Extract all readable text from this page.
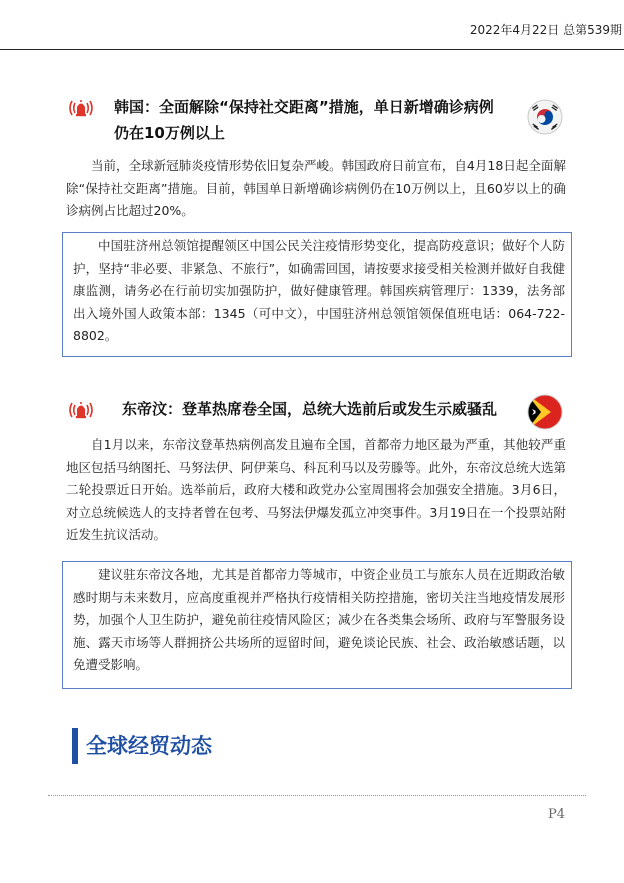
2022年4月22日 总第539期

韩国：全面解除“保持社交距离”措施，单日新增确诊病例仍在10万例以上

当前，全球新冠肺炎疫情形势依旧复杂严峻。韩国政府日前宣布，自4月18日起全面解除“保持社交距离”措施。目前，韩国单日新增确诊病例仍在10万例以上，且60岁以上的确诊病例占比超过20%。

中国驻济州总领馆提醒领区中国公民关注疫情形势变化，提高防疫意识；做好个人防护，坚持“非必要、非紧急、不旅行”，如确需回国，请按要求接受相关检测并做好自我健康监测，请务必在行前切实加强防护，做好健康管理。韩国疾病管理厅：1339，法务部出入境外国人政策本部：1345（可中文），中国驻济州总领馆领保值班电话：064-722-8802。

东帝汶：登革热席卷全国，总统大选前后或发生示威骚乱

自1月以来，东帝汶登革热病例高发且遍布全国，首都帝力地区最为严重，其他较严重地区包括马纳图托、马努法伊、阿伊莱乌、科瓦利马以及劳滕等。此外，东帝汶总统大选第二轮投票近日开始。选举前后，政府大楼和政党办公室周围将会加强安全措施。3月6日，对立总统候选人的支持者曾在包考、马努法伊爆发孤立冲突事件。3月19日在一个投票站附近发生抗议活动。

建议驻东帝汶各地，尤其是首都帝力等城市，中资企业员工与旅东人员在近期政治敏感时期与未来数月，应高度重视并严格执行疫情相关防控措施，密切关注当地疫情发展形势，加强个人卫生防护，避免前往疫情风险区；减少在各类集会场所、政府与军警服务设施、露天市场等人群拥挤公共场所的逗留时间，避免谈论民族、社会、政治敏感话题，以免遭受影响。

全球经贸动态
P4
